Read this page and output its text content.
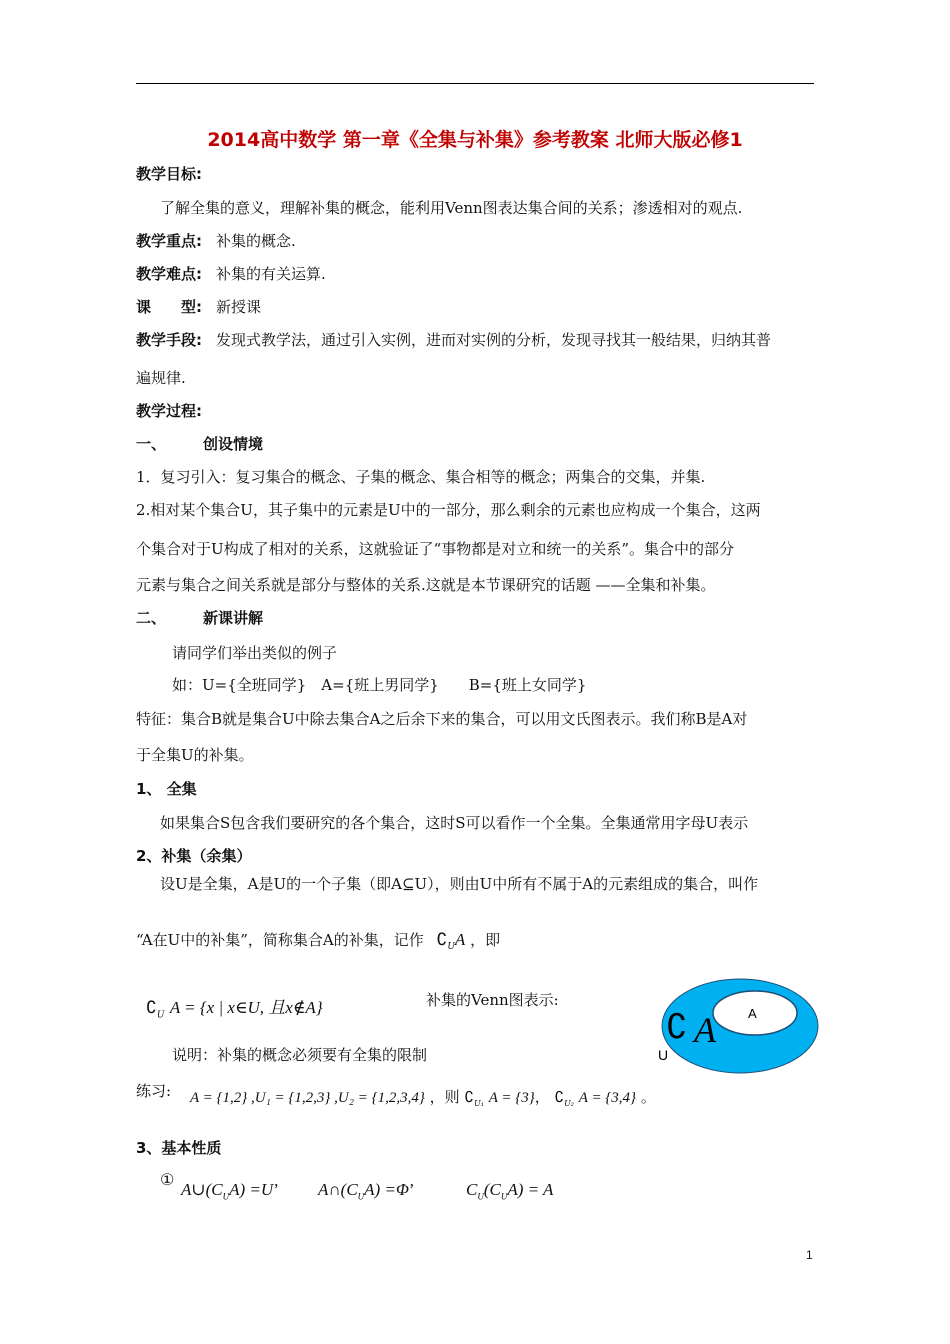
2014高中数学 第一章《全集与补集》参考教案 北师大版必修1
教学目标:
了解全集的意义，理解补集的概念，能利用Venn图表达集合间的关系；渗透相对的观点.
教学重点: 补集的概念.
教学难点: 补集的有关运算.
课　　型: 新授课
教学手段: 发现式教学法，通过引入实例，进而对实例的分析，发现寻找其一般结果，归纳其普
遍规律.
教学过程:
一、 创设情境
1．复习引入：复习集合的概念、子集的概念、集合相等的概念；两集合的交集，并集.
2.相对某个集合U，其子集中的元素是U中的一部分，那么剩余的元素也应构成一个集合，这两
个集合对于U构成了相对的关系，这就验证了“事物都是对立和统一的关系”。集合中的部分
元素与集合之间关系就是部分与整体的关系.这就是本节课研究的话题 ——全集和补集。
二、 新课讲解
请同学们举出类似的例子
如：U={全班同学}　A={班上男同学}　　B={班上女同学}
特征：集合B就是集合U中除去集合A之后余下来的集合，可以用文氏图表示。我们称B是A对
于全集U的补集。
1、 全集
如果集合S包含我们要研究的各个集合，这时S可以看作一个全集。全集通常用字母U表示
2、补集（余集）
设U是全集，A是U的一个子集（即A⊆U），则由U中所有不属于A的元素组成的集合，叫作
“A在U中的补集”，简称集合A的补集，记作 $∁_UA$ ，即
$∁_U$ A = {x | x∈U, 且x∉A}	补集的Venn图表示:
A
∁ A
U
说明：补集的概念必须要有全集的限制
练习: A = {1,2} ,U₁ = {1,2,3} ,U₂ = {1,2,3,4} ，则 $∁_{U_1}$ A = {3}， $∁_{U_2}$ A = {3,4} 。
3、基本性质
①
$A\cup(C_UA) =U$’ $A\cap(C_UA) =\Phi$’	$C_U(C_UA) = A$
1
